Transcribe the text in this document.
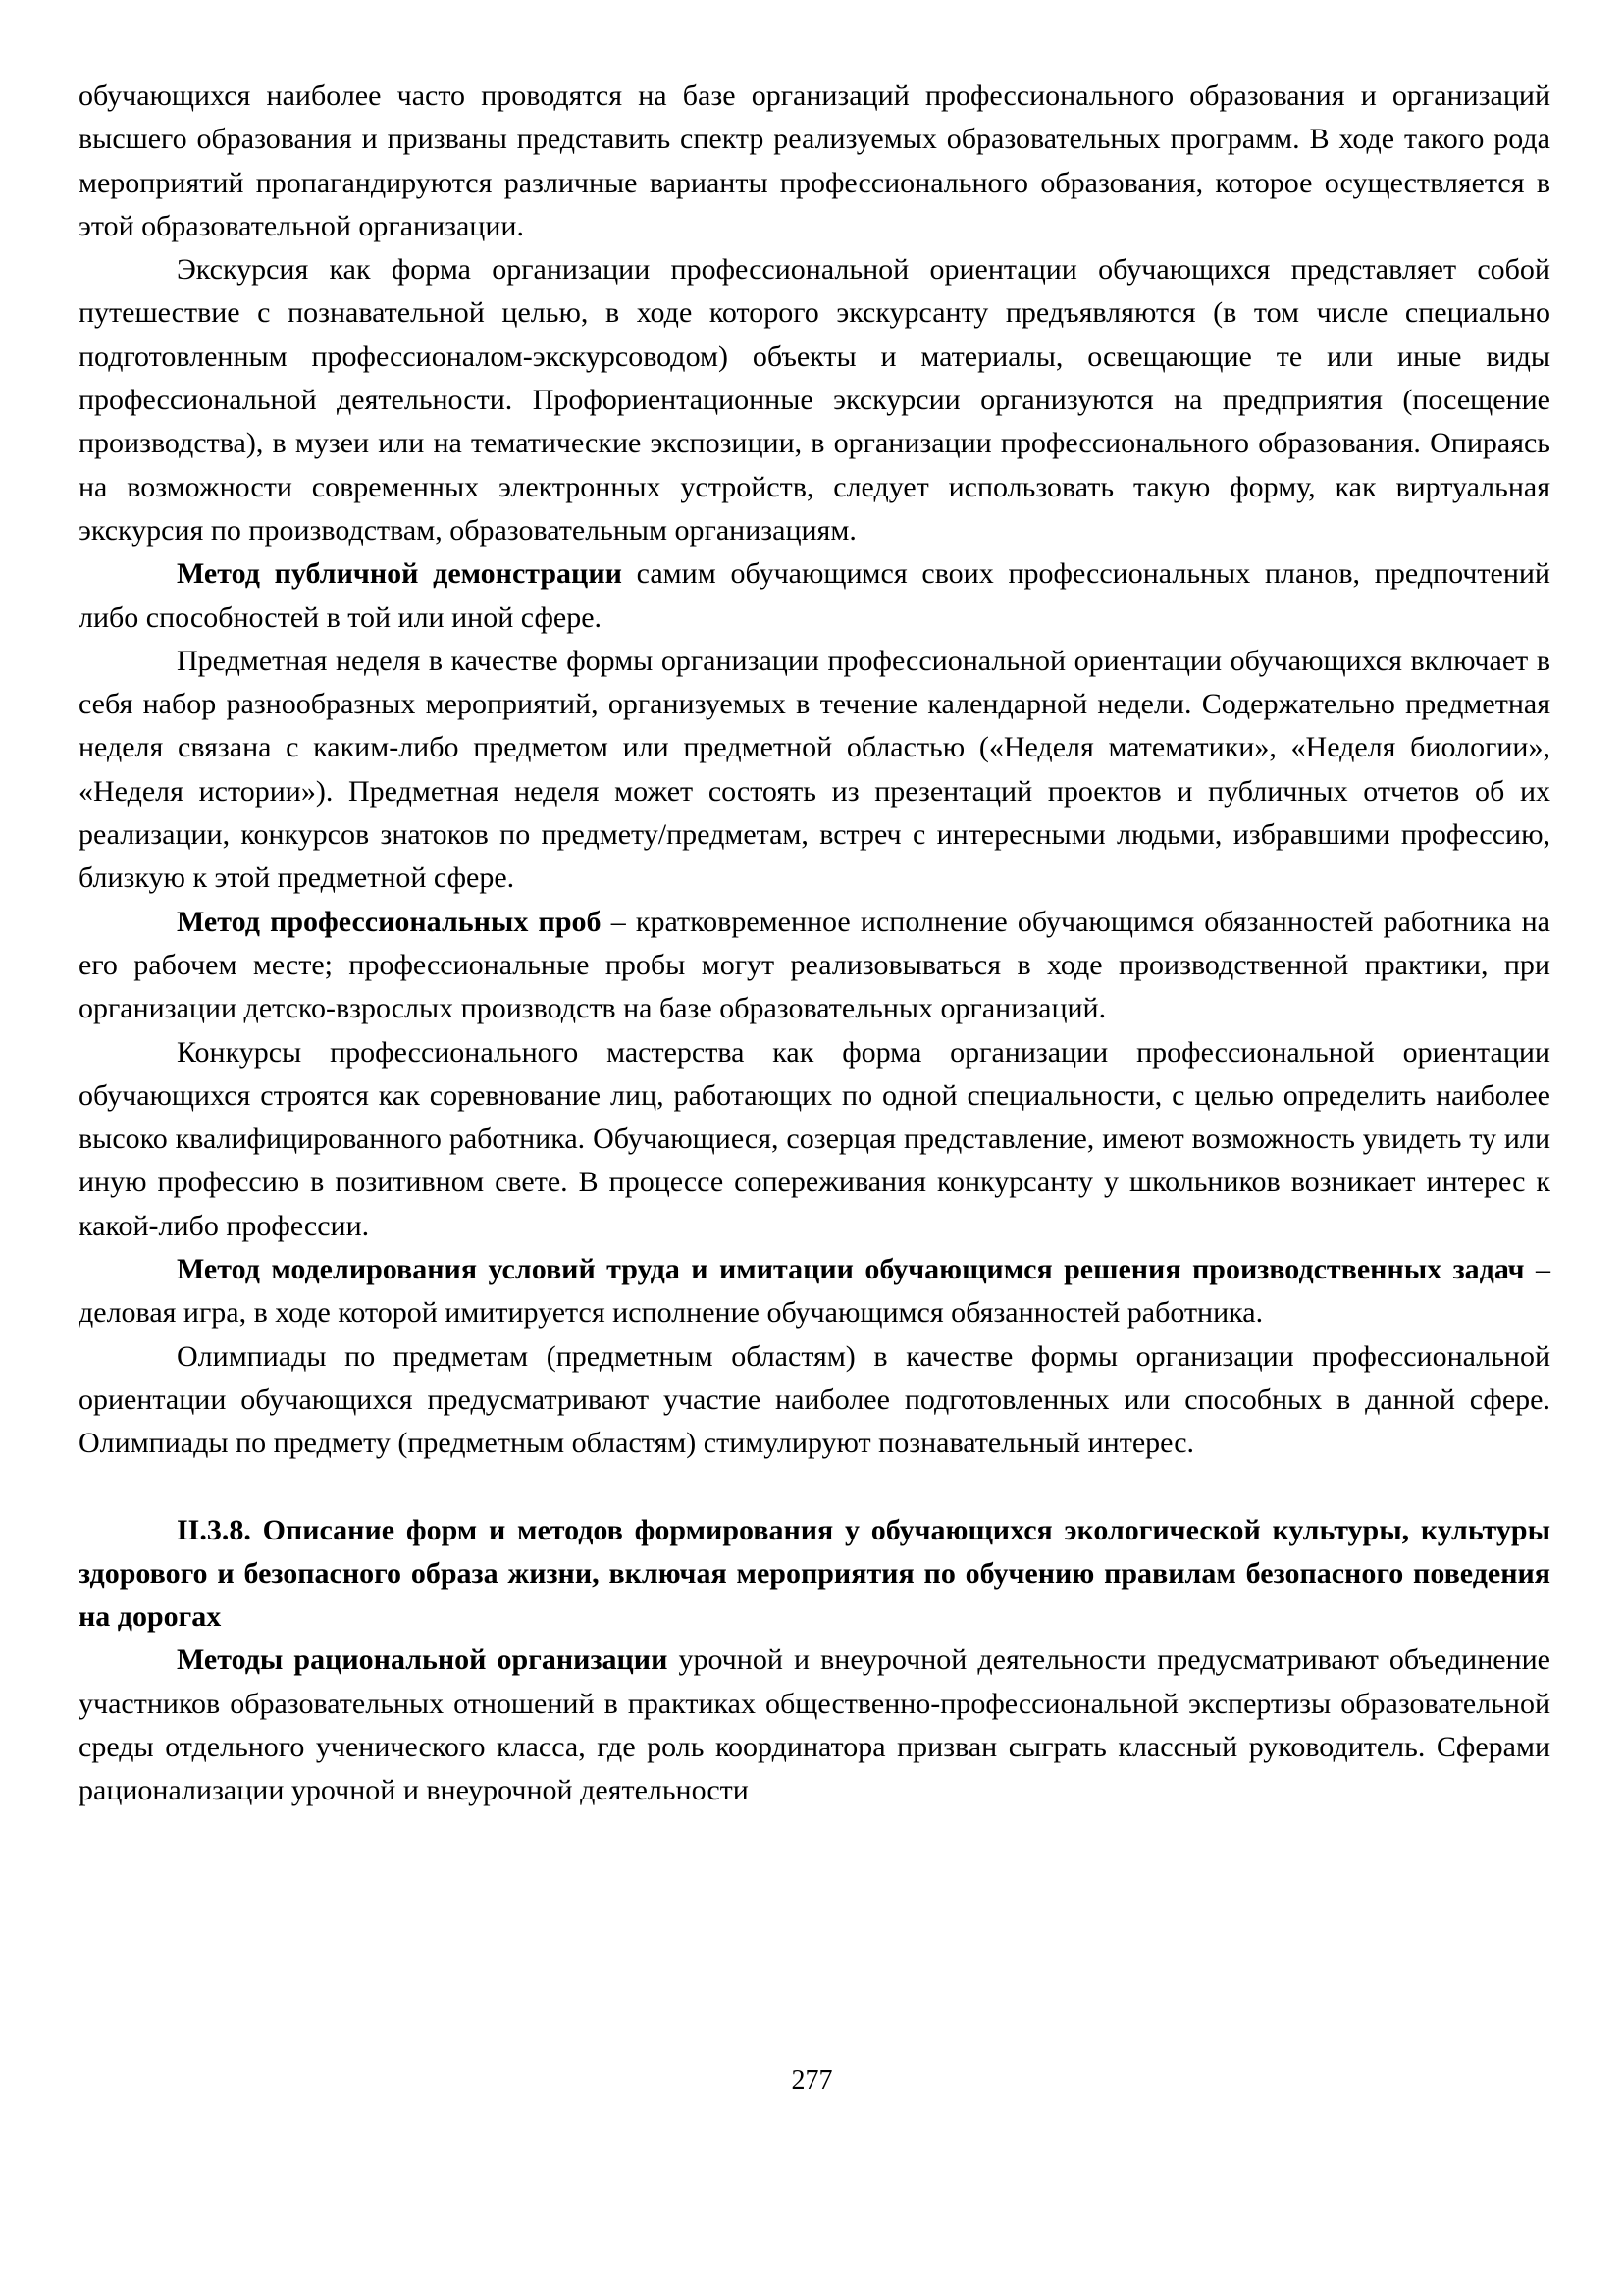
обучающихся наиболее часто проводятся на базе организаций профессионального образования и организаций высшего образования и призваны представить спектр реализуемых образовательных программ. В ходе такого рода мероприятий пропагандируются различные варианты профессионального образования, которое осуществляется в этой образовательной организации.

Экскурсия как форма организации профессиональной ориентации обучающихся представляет собой путешествие с познавательной целью, в ходе которого экскурсанту предъявляются (в том числе специально подготовленным профессионалом-экскурсоводом) объекты и материалы, освещающие те или иные виды профессиональной деятельности. Профориентационные экскурсии организуются на предприятия (посещение производства), в музеи или на тематические экспозиции, в организации профессионального образования. Опираясь на возможности современных электронных устройств, следует использовать такую форму, как виртуальная экскурсия по производствам, образовательным организациям.

Метод публичной демонстрации самим обучающимся своих профессиональных планов, предпочтений либо способностей в той или иной сфере.

Предметная неделя в качестве формы организации профессиональной ориентации обучающихся включает в себя набор разнообразных мероприятий, организуемых в течение календарной недели. Содержательно предметная неделя связана с каким-либо предметом или предметной областью («Неделя математики», «Неделя биологии», «Неделя истории»). Предметная неделя может состоять из презентаций проектов и публичных отчетов об их реализации, конкурсов знатоков по предмету/предметам, встреч с интересными людьми, избравшими профессию, близкую к этой предметной сфере.

Метод профессиональных проб – кратковременное исполнение обучающимся обязанностей работника на его рабочем месте; профессиональные пробы могут реализовываться в ходе производственной практики, при организации детско-взрослых производств на базе образовательных организаций.

Конкурсы профессионального мастерства как форма организации профессиональной ориентации обучающихся строятся как соревнование лиц, работающих по одной специальности, с целью определить наиболее высоко квалифицированного работника. Обучающиеся, созерцая представление, имеют возможность увидеть ту или иную профессию в позитивном свете. В процессе сопереживания конкурсанту у школьников возникает интерес к какой-либо профессии.

Метод моделирования условий труда и имитации обучающимся решения производственных задач – деловая игра, в ходе которой имитируется исполнение обучающимся обязанностей работника.

Олимпиады по предметам (предметным областям) в качестве формы организации профессиональной ориентации обучающихся предусматривают участие наиболее подготовленных или способных в данной сфере. Олимпиады по предмету (предметным областям) стимулируют познавательный интерес.

II.3.8. Описание форм и методов формирования у обучающихся экологической культуры, культуры здорового и безопасного образа жизни, включая мероприятия по обучению правилам безопасного поведения на дорогах

Методы рациональной организации урочной и внеурочной деятельности предусматривают объединение участников образовательных отношений в практиках общественно-профессиональной экспертизы образовательной среды отдельного ученического класса, где роль координатора призван сыграть классный руководитель. Сферами рационализации урочной и внеурочной деятельности

277
